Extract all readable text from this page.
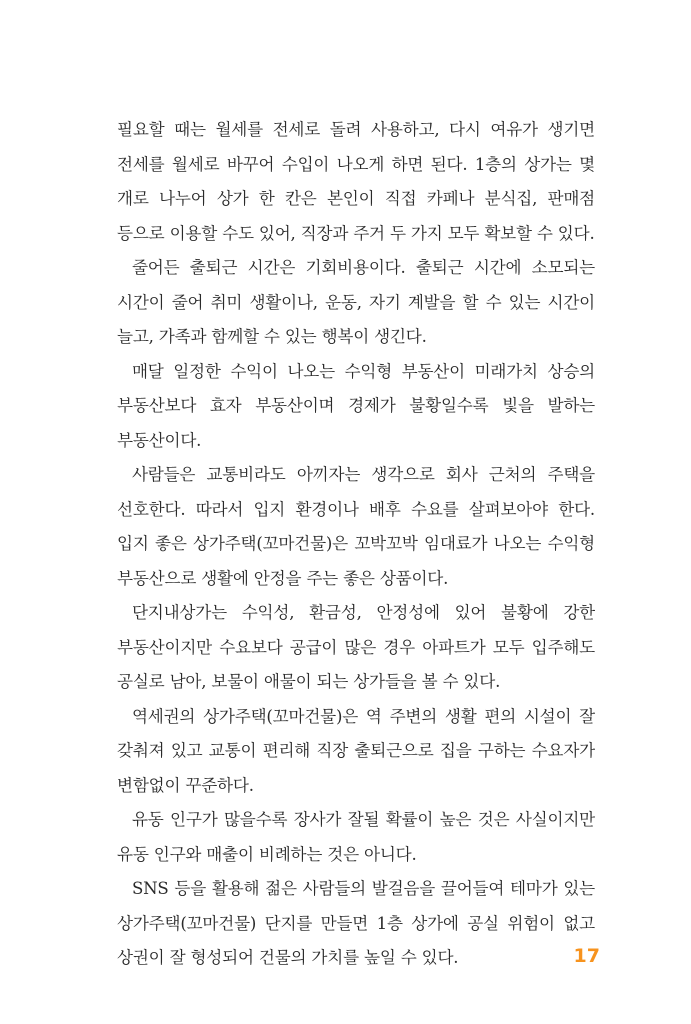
필요할 때는 월세를 전세로 돌려 사용하고, 다시 여유가 생기면 전세를 월세로 바꾸어 수입이 나오게 하면 된다. 1층의 상가는 몇 개로 나누어 상가 한 칸은 본인이 직접 카페나 분식집, 판매점 등으로 이용할 수도 있어, 직장과 주거 두 가지 모두 확보할 수 있다.

줄어든 출퇴근 시간은 기회비용이다. 출퇴근 시간에 소모되는 시간이 줄어 취미 생활이나, 운동, 자기 계발을 할 수 있는 시간이 늘고, 가족과 함께할 수 있는 행복이 생긴다.

매달 일정한 수익이 나오는 수익형 부동산이 미래가치 상승의 부동산보다 효자 부동산이며 경제가 불황일수록 빛을 발하는 부동산이다.

사람들은 교통비라도 아끼자는 생각으로 회사 근처의 주택을 선호한다. 따라서 입지 환경이나 배후 수요를 살펴보아야 한다. 입지 좋은 상가주택(꼬마건물)은 꼬박꼬박 임대료가 나오는 수익형 부동산으로 생활에 안정을 주는 좋은 상품이다.

단지내상가는 수익성, 환금성, 안정성에 있어 불황에 강한 부동산이지만 수요보다 공급이 많은 경우 아파트가 모두 입주해도 공실로 남아, 보물이 애물이 되는 상가들을 볼 수 있다.

역세권의 상가주택(꼬마건물)은 역 주변의 생활 편의 시설이 잘 갖춰져 있고 교통이 편리해 직장 출퇴근으로 집을 구하는 수요자가 변함없이 꾸준하다.

유동 인구가 많을수록 장사가 잘될 확률이 높은 것은 사실이지만 유동 인구와 매출이 비례하는 것은 아니다.

SNS 등을 활용해 젊은 사람들의 발걸음을 끌어들여 테마가 있는 상가주택(꼬마건물) 단지를 만들면 1층 상가에 공실 위험이 없고 상권이 잘 형성되어 건물의 가치를 높일 수 있다.	17
